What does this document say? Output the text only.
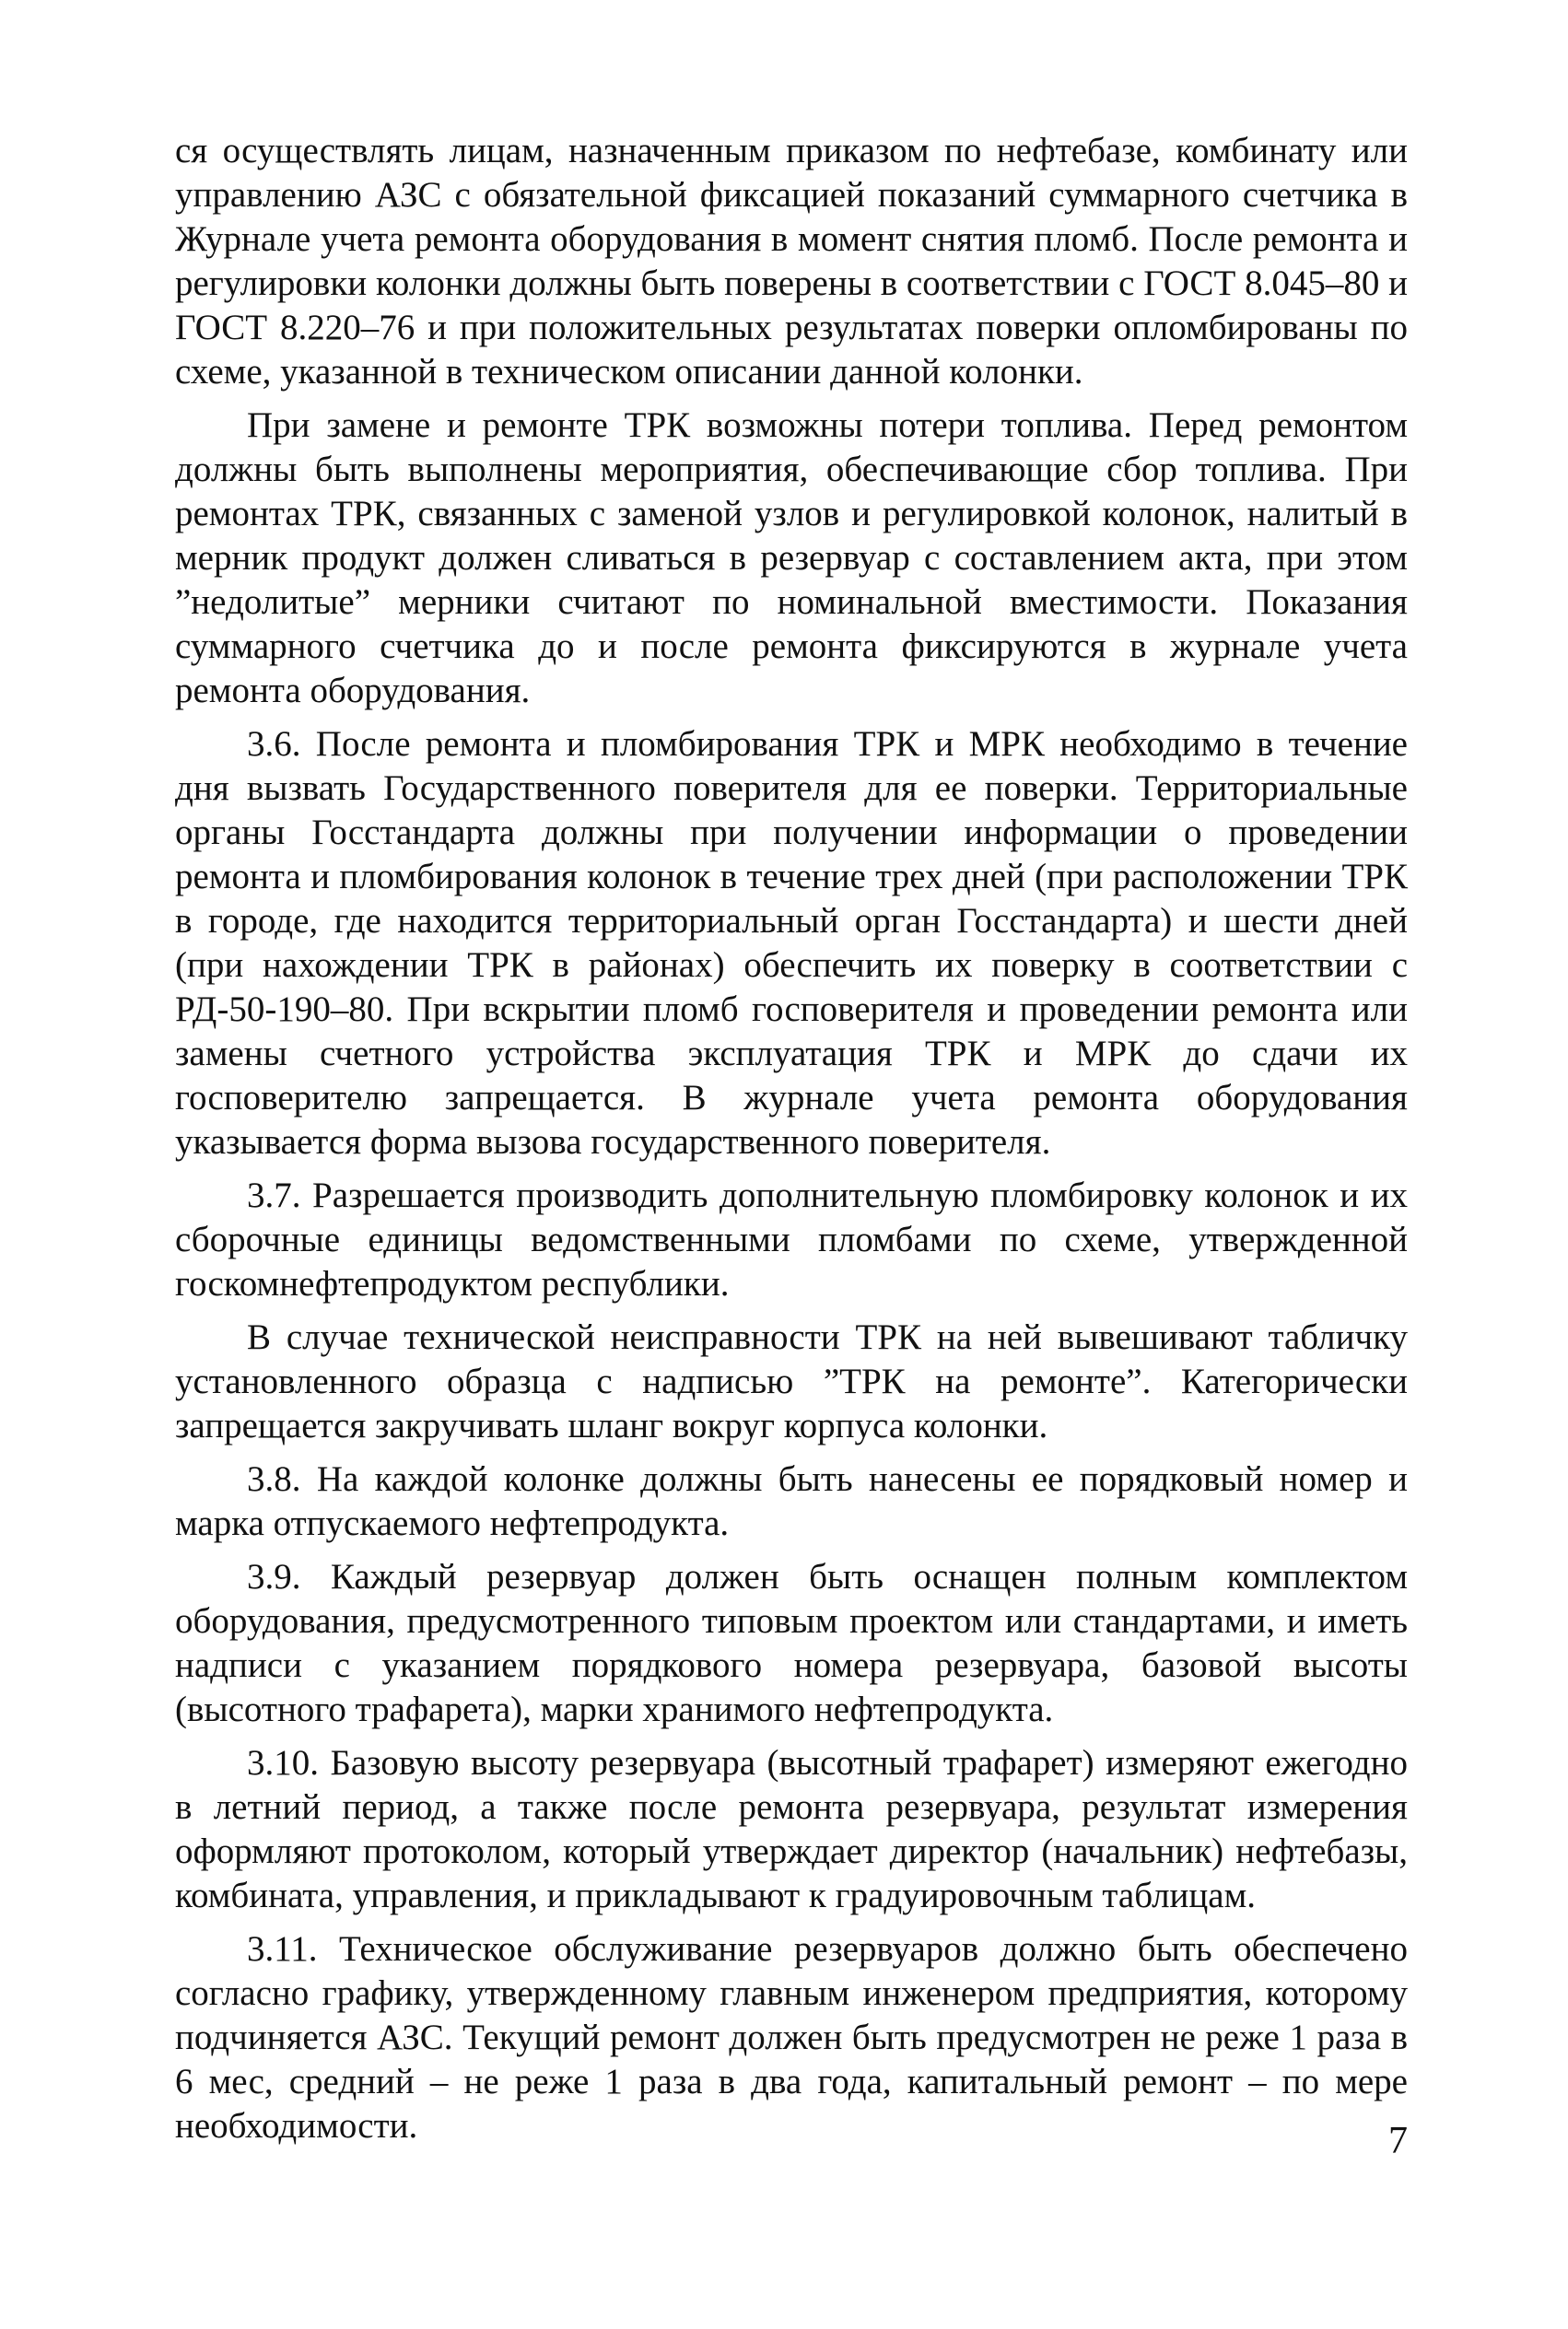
ся осуществлять лицам, назначенным приказом по нефтебазе, комбинату или управлению АЗС с обязательной фиксацией показаний суммарного счетчика в Журнале учета ремонта оборудования в момент снятия пломб. После ремонта и регулировки колонки должны быть поверены в соответствии с ГОСТ 8.045–80 и ГОСТ 8.220–76 и при положительных результатах поверки опломбированы по схеме, указанной в техническом описании данной колонки.

При замене и ремонте ТРК возможны потери топлива. Перед ремонтом должны быть выполнены мероприятия, обеспечивающие сбор топлива. При ремонтах ТРК, связанных с заменой узлов и регулировкой колонок, налитый в мерник продукт должен сливаться в резервуар с составлением акта, при этом ”недолитые” мерники считают по номинальной вместимости. Показания суммарного счетчика до и после ремонта фиксируются в журнале учета ремонта оборудования.

3.6. После ремонта и пломбирования ТРК и МРК необходимо в течение дня вызвать Государственного поверителя для ее поверки. Территориальные органы Госстандарта должны при получении информации о проведении ремонта и пломбирования колонок в течение трех дней (при расположении ТРК в городе, где находится территориальный орган Госстандарта) и шести дней (при нахождении ТРК в районах) обеспечить их поверку в соответствии с РД-50-190–80. При вскрытии пломб госповерителя и проведении ремонта или замены счетного устройства эксплуатация ТРК и МРК до сдачи их госповерителю запрещается. В журнале учета ремонта оборудования указывается форма вызова государственного поверителя.

3.7. Разрешается производить дополнительную пломбировку колонок и их сборочные единицы ведомственными пломбами по схеме, утвержденной госкомнефтепродуктом республики.

В случае технической неисправности ТРК на ней вывешивают табличку установленного образца с надписью ”ТРК на ремонте”. Категорически запрещается закручивать шланг вокруг корпуса колонки.

3.8. На каждой колонке должны быть нанесены ее порядковый номер и марка отпускаемого нефтепродукта.

3.9. Каждый резервуар должен быть оснащен полным комплектом оборудования, предусмотренного типовым проектом или стандартами, и иметь надписи с указанием порядкового номера резервуара, базовой высоты (высотного трафарета), марки хранимого нефтепродукта.

3.10. Базовую высоту резервуара (высотный трафарет) измеряют ежегодно в летний период, а также после ремонта резервуара, результат измерения оформляют протоколом, который утверждает директор (начальник) нефтебазы, комбината, управления, и прикладывают к градуировочным таблицам.

3.11. Техническое обслуживание резервуаров должно быть обеспечено согласно графику, утвержденному главным инженером предприятия, которому подчиняется АЗС. Текущий ремонт должен быть предусмотрен не реже 1 раза в 6 мес, средний – не реже 1 раза в два года, капитальный ремонт – по мере необходимости.	7
